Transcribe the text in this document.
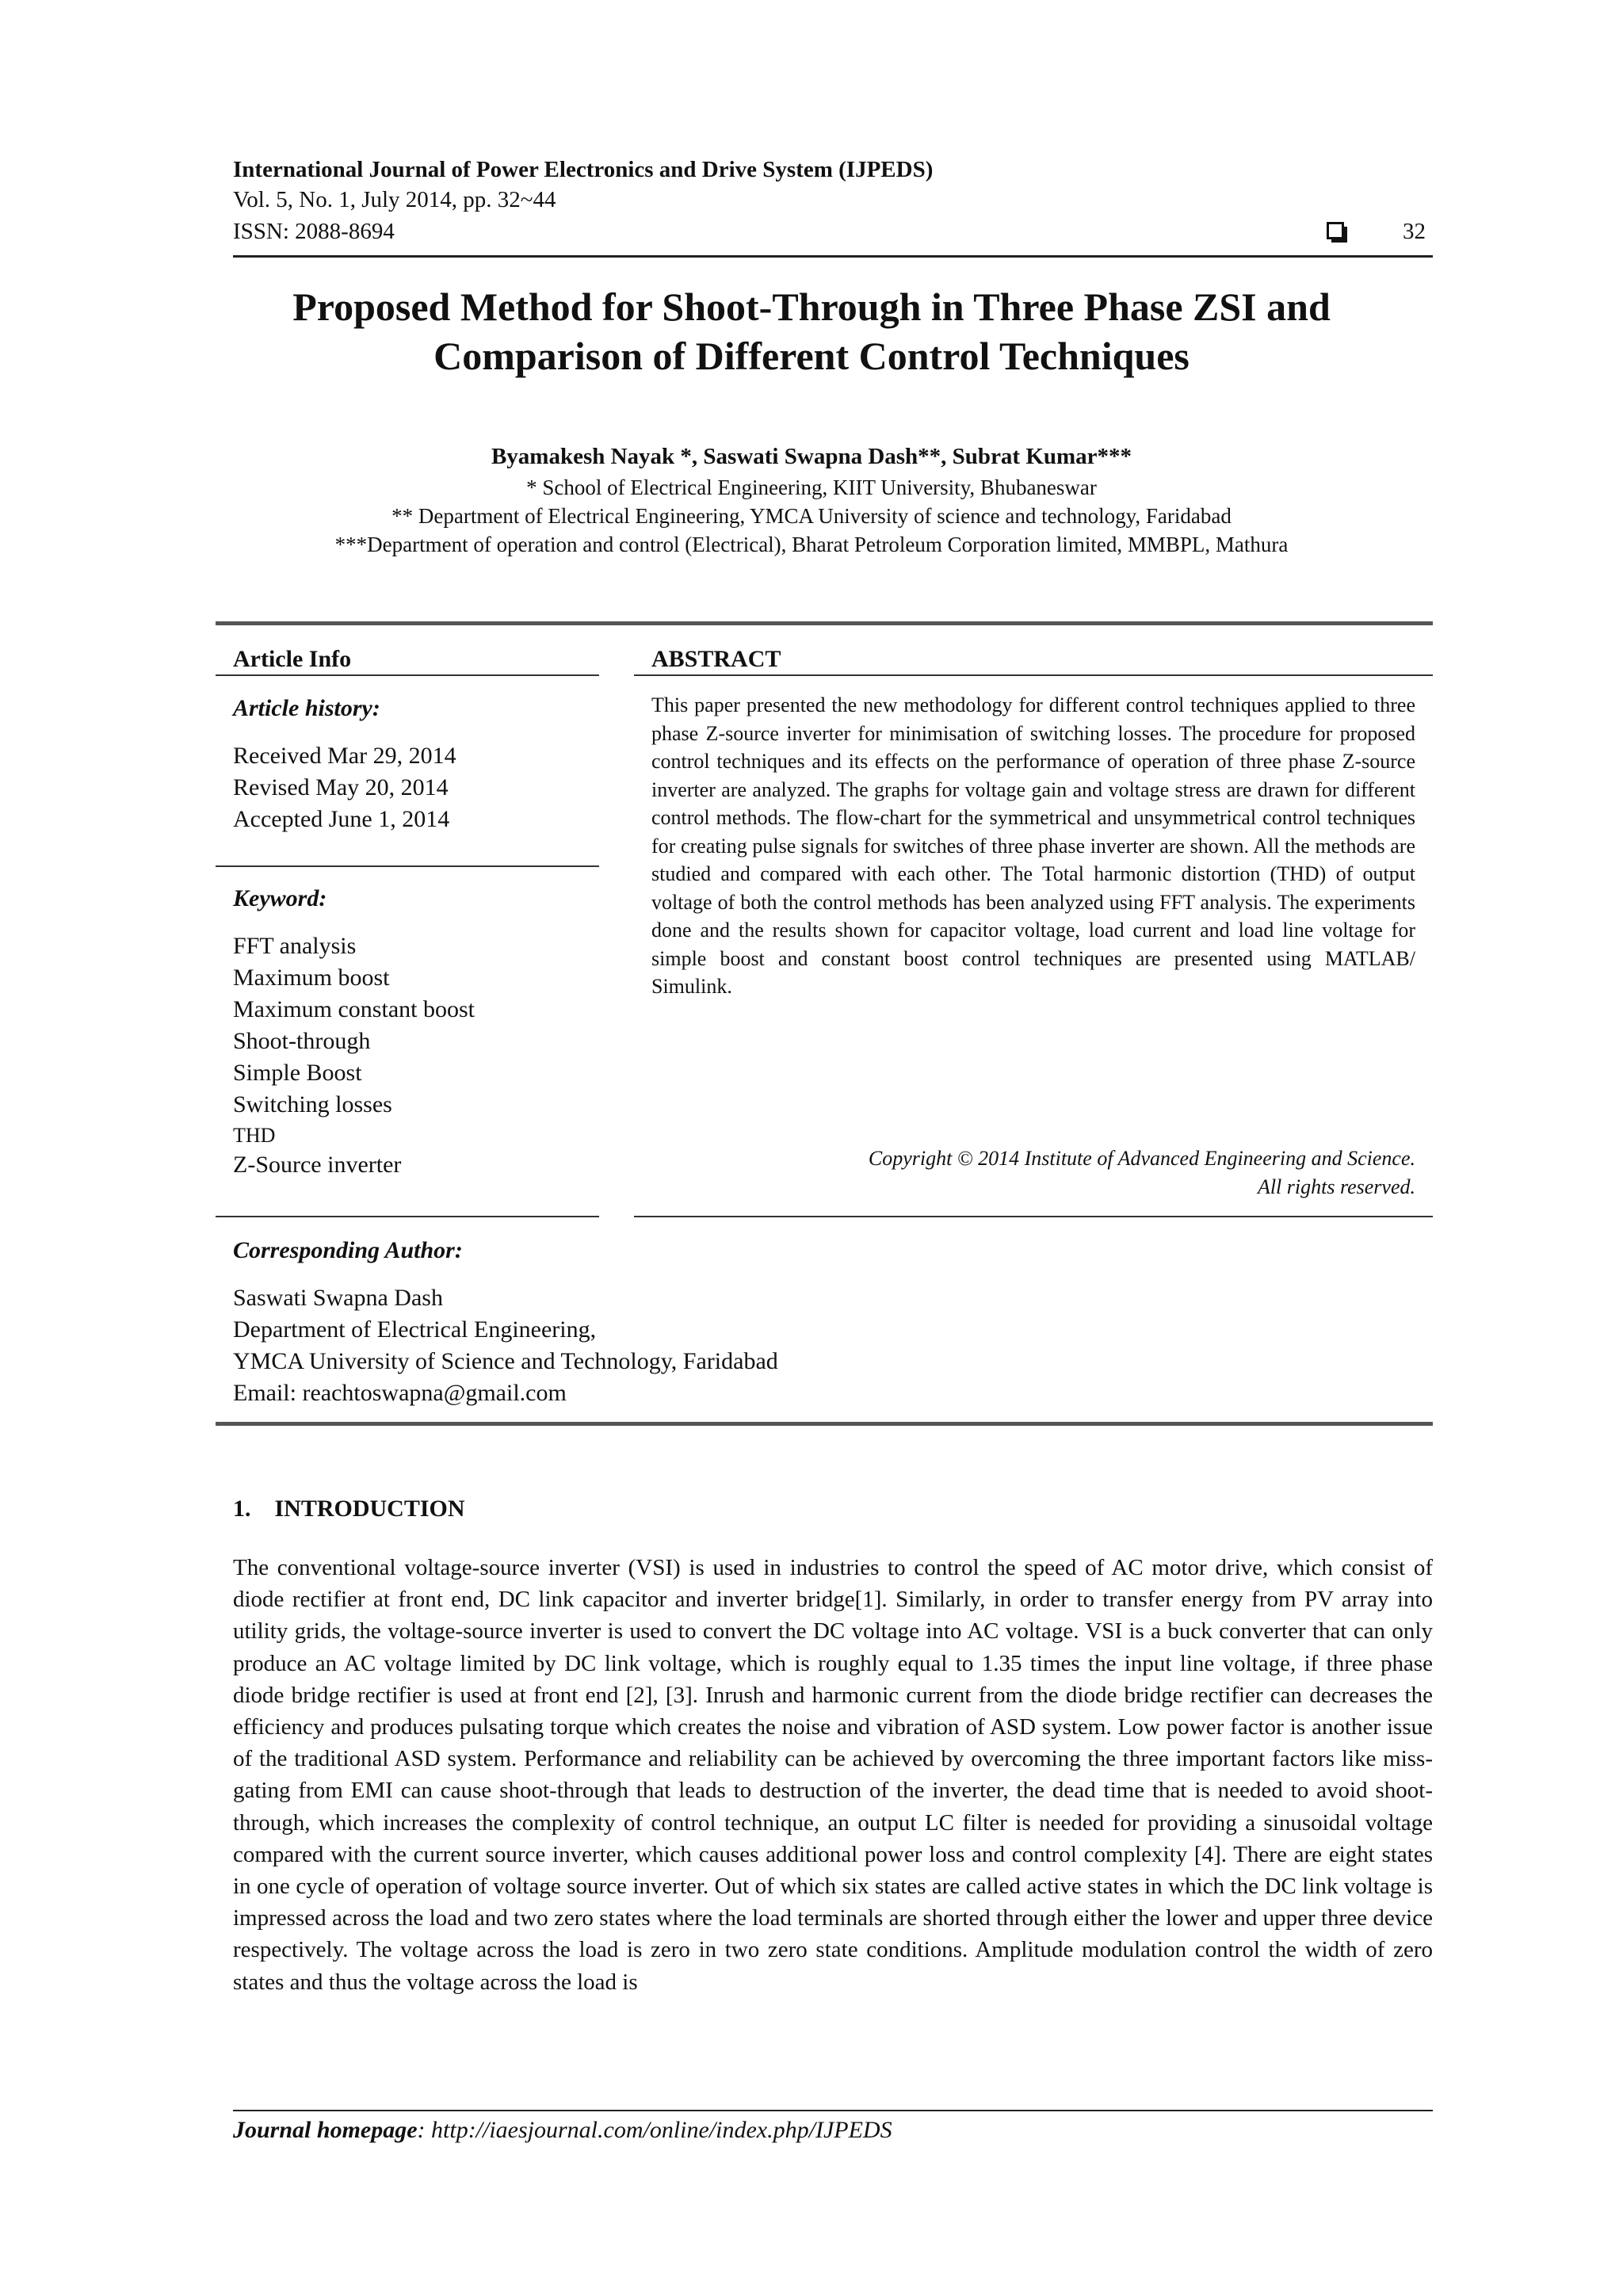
International Journal of Power Electronics and Drive System (IJPEDS)
Vol. 5, No. 1, July 2014, pp. 32~44
ISSN: 2088-8694	32
Proposed Method for Shoot-Through in Three Phase ZSI and
Comparison of Different Control Techniques
Byamakesh Nayak *, Saswati Swapna Dash**, Subrat Kumar***
* School of Electrical Engineering, KIIT University, Bhubaneswar
** Department of Electrical Engineering, YMCA University of science and technology, Faridabad
***Department of operation and control (Electrical), Bharat Petroleum Corporation limited, MMBPL, Mathura
Article Info	ABSTRACT
Article history:
Received Mar 29, 2014
Revised May 20, 2014
Accepted June 1, 2014
Keyword:
FFT analysis
Maximum boost
Maximum constant boost
Shoot-through
Simple Boost
Switching losses
THD
Z-Source inverter
This paper presented the new methodology for different control techniques applied to three phase Z-source inverter for minimisation of switching losses. The procedure for proposed control techniques and its effects on the performance of operation of three phase Z-source inverter are analyzed. The graphs for voltage gain and voltage stress are drawn for different control methods. The flow-chart for the symmetrical and unsymmetrical control techniques for creating pulse signals for switches of three phase inverter are shown. All the methods are studied and compared with each other. The Total harmonic distortion (THD) of output voltage of both the control methods has been analyzed using FFT analysis. The experiments done and the results shown for capacitor voltage, load current and load line voltage for simple boost and constant boost control techniques are presented using MATLAB/ Simulink.
Copyright © 2014 Institute of Advanced Engineering and Science.
All rights reserved.
Corresponding Author:
Saswati Swapna Dash
Department of Electrical Engineering,
YMCA University of Science and Technology, Faridabad
Email: reachtoswapna@gmail.com
1.    INTRODUCTION
The conventional voltage-source inverter (VSI) is used in industries to control the speed of AC motor drive, which consist of diode rectifier at front end, DC link capacitor and inverter bridge[1]. Similarly, in order to transfer energy from PV array into utility grids, the voltage-source inverter is used to convert the DC voltage into AC voltage. VSI is a buck converter that can only produce an AC voltage limited by DC link voltage, which is roughly equal to 1.35 times the input line voltage, if three phase diode bridge rectifier is used at front end [2], [3]. Inrush and harmonic current from the diode bridge rectifier can decreases the efficiency and produces pulsating torque which creates the noise and vibration of ASD system. Low power factor is another issue of the traditional ASD system. Performance and reliability can be achieved by overcoming the three important factors like miss-gating from EMI can cause shoot-through that leads to destruction of the inverter, the dead time that is needed to avoid shoot-through, which increases the complexity of control technique, an output LC filter is needed for providing a sinusoidal voltage compared with the current source inverter, which causes additional power loss and control complexity [4]. There are eight states in one cycle of operation of voltage source inverter. Out of which six states are called active states in which the DC link voltage is impressed across the load and two zero states where the load terminals are shorted through either the lower and upper three device respectively. The voltage across the load is zero in two zero state conditions. Amplitude modulation control the width of zero states and thus the voltage across the load is
Journal homepage: http://iaesjournal.com/online/index.php/IJPEDS
